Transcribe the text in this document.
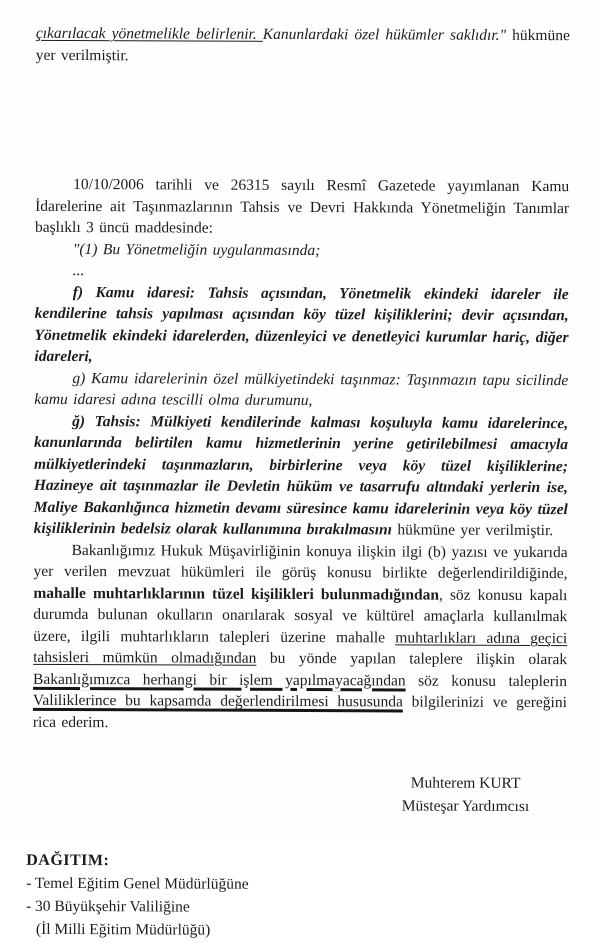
çıkarılacak yönetmelikle belirlenir. Kanunlardaki özel hükümler saklıdır." hükmüne yer verilmiştir.

10/10/2006 tarihli ve 26315 sayılı Resmî Gazetede yayımlanan Kamu İdarelerine ait Taşınmazlarının Tahsis ve Devri Hakkında Yönetmeliğin Tanımlar başlıklı 3 üncü maddesinde:

"(1) Bu Yönetmeliğin uygulanmasında;

...

f) Kamu idaresi: Tahsis açısından, Yönetmelik ekindeki idareler ile kendilerine tahsis yapılması açısından köy tüzel kişiliklerini; devir açısından, Yönetmelik ekindeki idarelerden, düzenleyici ve denetleyici kurumlar hariç, diğer idareleri,

g) Kamu idarelerinin özel mülkiyetindeki taşınmaz: Taşınmazın tapu sicilinde kamu idaresi adına tescilli olma durumunu,

ğ) Tahsis: Mülkiyeti kendilerinde kalması koşuluyla kamu idarelerince, kanunlarında belirtilen kamu hizmetlerinin yerine getirilebilmesi amacıyla mülkiyetlerindeki taşınmazların, birbirlerine veya köy tüzel kişiliklerine; Hazineye ait taşınmazlar ile Devletin hüküm ve tasarrufu altındaki yerlerin ise, Maliye Bakanlığınca hizmetin devamı süresince kamu idarelerinin veya köy tüzel kişiliklerinin bedelsiz olarak kullanımına bırakılmasını hükmüne yer verilmiştir.

Bakanlığımız Hukuk Müşavirliğinin konuya ilişkin ilgi (b) yazısı ve yukarıda yer verilen mevzuat hükümleri ile görüş konusu birlikte değerlendirildiğinde, mahalle muhtarlıklarının tüzel kişilikleri bulunmadığından, söz konusu kapalı durumda bulunan okulların onarılarak sosyal ve kültürel amaçlarla kullanılmak üzere, ilgili muhtarlıkların talepleri üzerine mahalle muhtarlıkları adına geçici tahsisleri mümkün olmadığından bu yönde yapılan taleplere ilişkin olarak Bakanlığımızca herhangi bir işlem yapılmayacağından söz konusu taleplerin Valiliklerince bu kapsamda değerlendirilmesi hususunda bilgilerinizi ve gereğini rica ederim.

Muhterem KURT
Müsteşar Yardımcısı
DAĞITIM:
- Temel Eğitim Genel Müdürlüğüne
- 30 Büyükşehir Valiliğine
(İl Milli Eğitim Müdürlüğü)
